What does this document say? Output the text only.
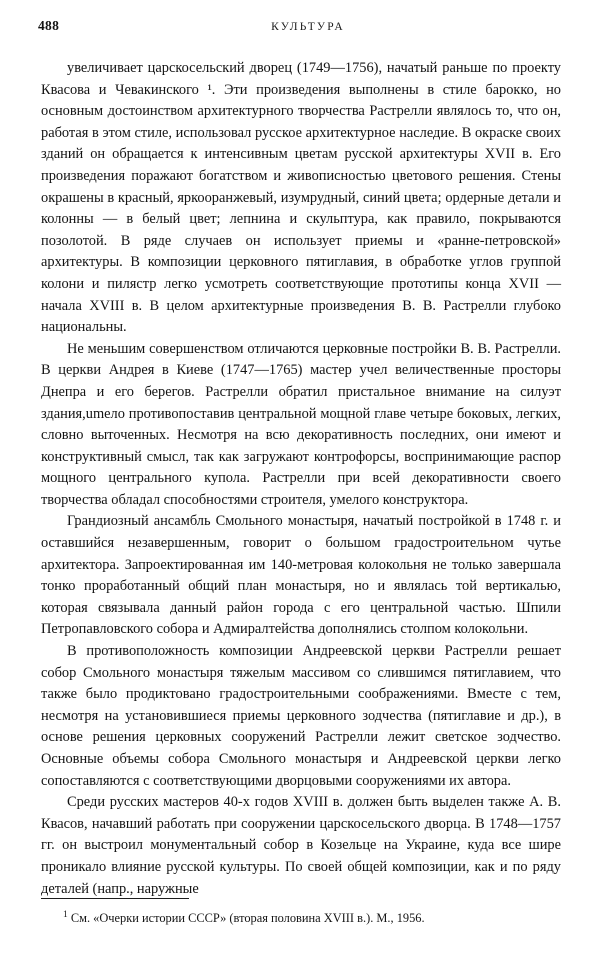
488	КУЛЬТУРА

увеличивает царскосельский дворец (1749—1756), начатый раньше по проекту Квасова и Чевакинского ¹. Эти произведения выполнены в стиле барокко, но основным достоинством архитектурного творчества Растрелли являлось то, что он, работая в этом стиле, использовал русское архитектурное наследие. В окраске своих зданий он обращается к интенсивным цветам русской архитектуры XVII в. Его произведения поражают богатством и живописностью цветового решения. Стены окрашены в красный, яркооранжевый, изумрудный, синий цвета; ордерные детали и колонны — в белый цвет; лепнина и скульптура, как правило, покрываются позолотой. В ряде случаев он использует приемы и «ранне-петровской» архитектуры. В композиции церковного пятиглавия, в обработке углов группой колони и пилястр легко усмотреть соответствующие прототипы конца XVII — начала XVIII в. В целом архитектурные произведения В. В. Растрелли глубоко национальны.

Не меньшим совершенством отличаются церковные постройки В. В. Растрелли. В церкви Андрея в Киеве (1747—1765) мастер учел величественные просторы Днепра и его берегов. Растрелли обратил пристальное внимание на силуэт здания,umeло противопоставив центральной мощной главе четыре боковых, легких, словно выточенных. Несмотря на всю декоративность последних, они имеют и конструктивный смысл, так как загружают контрофорсы, воспринимающие распор мощного центрального купола. Растрелли при всей декоративности своего творчества обладал способностями строителя, умелого конструктора.

Грандиозный ансамбль Смольного монастыря, начатый постройкой в 1748 г. и оставшийся незавершенным, говорит о большом градостроительном чутье архитектора. Запроектированная им 140-метровая колокольня не только завершала тонко проработанный общий план монастыря, но и являлась той вертикалью, которая связывала данный район города с его центральной частью. Шпили Петропавловского собора и Адмиралтейства дополнялись столпом колокольни.

В противоположность композиции Андреевской церкви Растрелли решает собор Смольного монастыря тяжелым массивом со слившимся пятиглавием, что также было продиктовано градостроительными соображениями. Вместе с тем, несмотря на установившиеся приемы церковного зодчества (пятиглавие и др.), в основе решения церковных сооружений Растрелли лежит светское зодчество. Основные объемы собора Смольного монастыря и Андреевской церкви легко сопоставляются с соответствующими дворцовыми сооружениями их автора.

Среди русских мастеров 40-х годов XVIII в. должен быть выделен также А. В. Квасов, начавший работать при сооружении царскосельского дворца. В 1748—1757 гг. он выстроил монументальный собор в Козельце на Украине, куда все шире проникало влияние русской культуры. По своей общей композиции, как и по ряду деталей (напр., наружные

$^1$ См. «Очерки истории СССР» (вторая половина XVIII в.). М., 1956.
